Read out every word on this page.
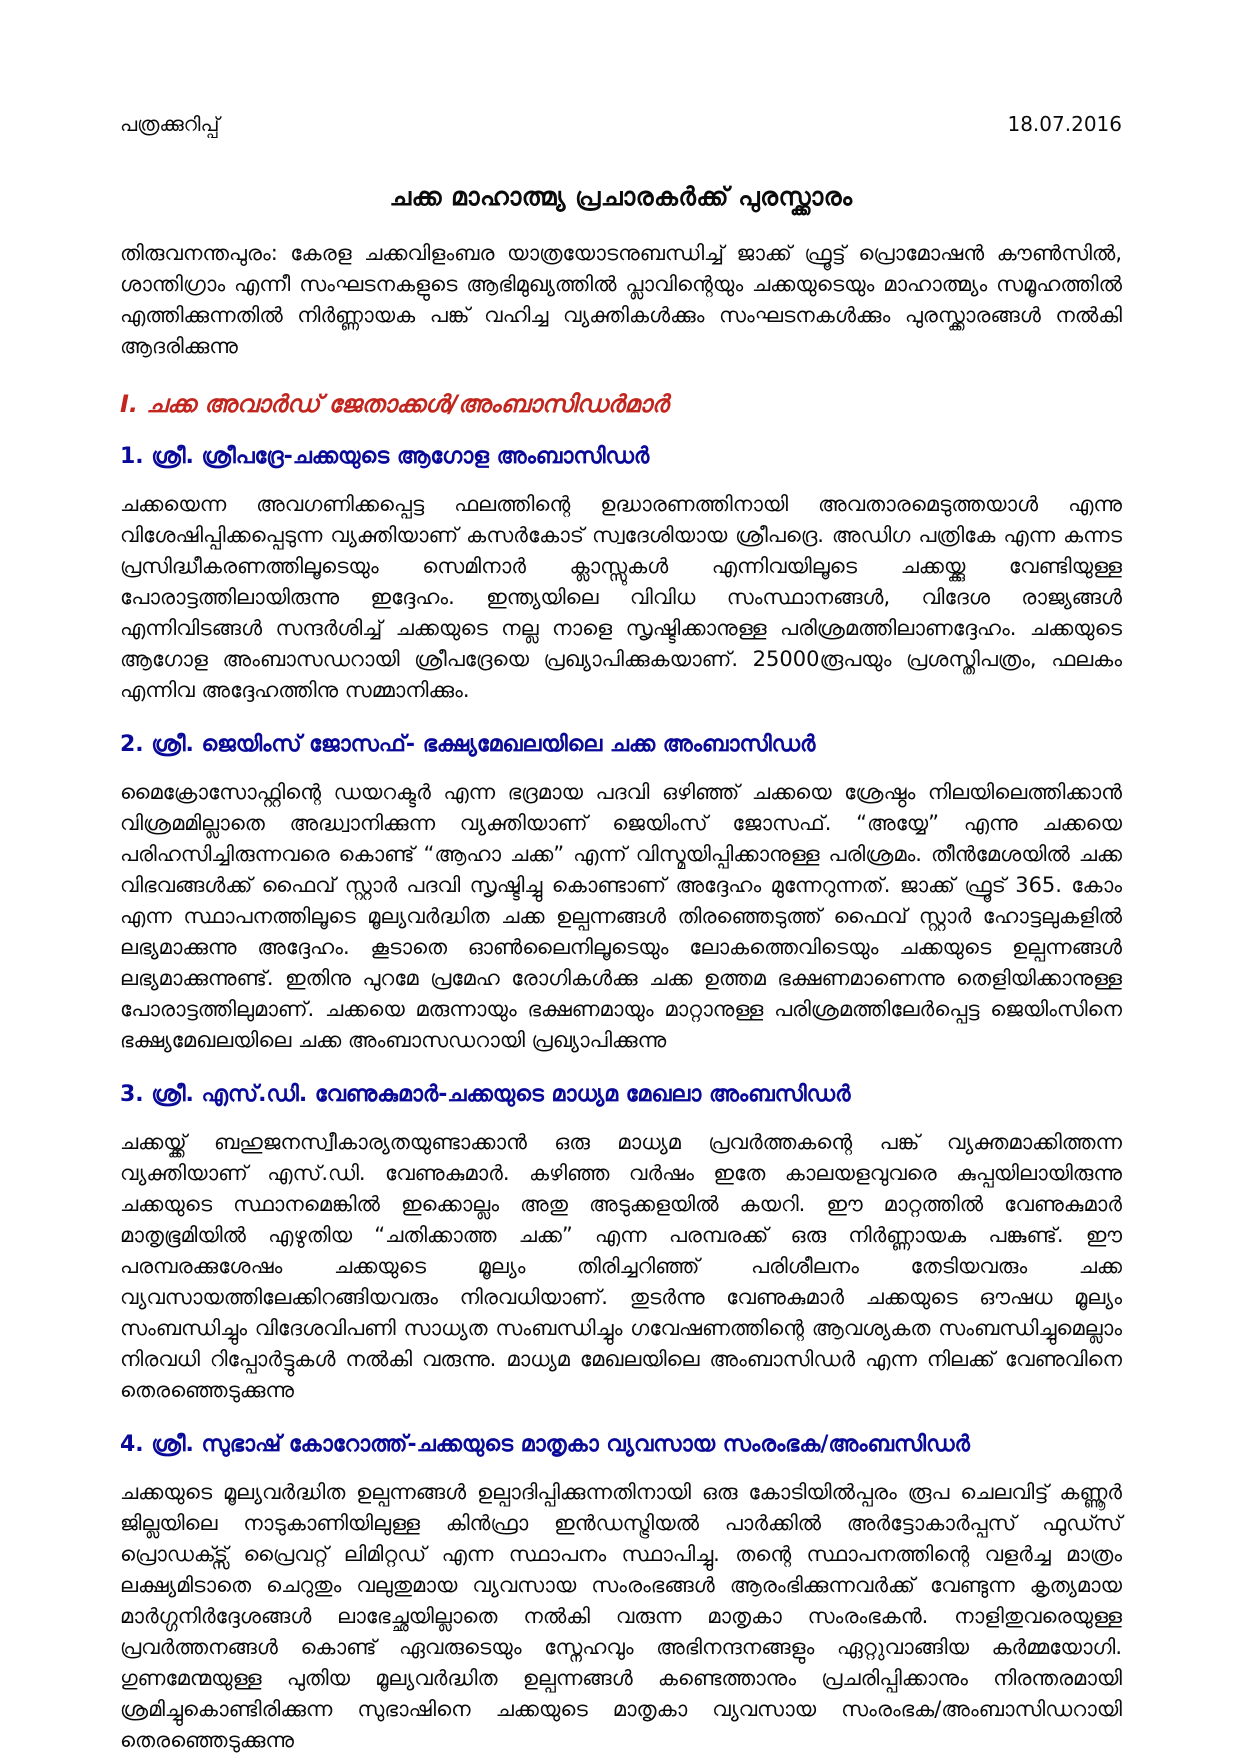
പത്രക്കുറിപ്പ്	18.07.2016
ചക്ക മാഹാത്മ്യ പ്രചാരകർക്ക് പുരസ്ക്കാരം

തിരുവനന്തപുരം: കേരള ചക്കവിളംബര യാത്രയോടനുബന്ധിച്ച് ജാക്ക് ഫ്രൂട്ട് പ്രൊമോഷൻ കൗൺസിൽ, ശാന്തിഗ്രാം എന്നീ സംഘടനകളുടെ ആഭിമുഖ്യത്തിൽ പ്ലാവിന്റെയും ചക്കയുടെയും മാഹാത്മ്യം സമൂഹത്തിൽ എത്തിക്കുന്നതിൽ നിർണ്ണായക പങ്ക് വഹിച്ച വ്യക്തികൾക്കും സംഘടനകൾക്കും പുരസ്ക്കാരങ്ങൾ നൽകി ആദരിക്കുന്നു

I. ചക്ക അവാർഡ് ജേതാക്കൾ/അംബാസിഡർമാർ
1. ശ്രീ. ശ്രീപദ്രേ-ചക്കയുടെ ആഗോള അംബാസിഡർ

ചക്കയെന്ന അവഗണിക്കപ്പെട്ട ഫലത്തിന്റെ ഉദ്ധാരണത്തിനായി അവതാരമെടുത്തയാൾ എന്നു വിശേഷിപ്പിക്കപ്പെടുന്ന വ്യക്തിയാണ് കസർകോട് സ്വദേശിയായ ശ്രീപദ്രെ. അഡിഗ പത്രികേ എന്ന കന്നട പ്രസിദ്ധീകരണത്തിലൂടെയും സെമിനാർ ക്ലാസ്സുകൾ എന്നിവയിലൂടെ ചക്കയ്ക്കു വേണ്ടിയുള്ള പോരാട്ടത്തിലായിരുന്നു ഇദ്ദേഹം. ഇന്ത്യയിലെ വിവിധ സംസ്ഥാനങ്ങൾ, വിദേശ രാജ്യങ്ങൾ എന്നിവിടങ്ങൾ സന്ദർശിച്ച് ചക്കയുടെ നല്ല നാളെ സൃഷ്ടിക്കാനുള്ള പരിശ്രമത്തിലാണദ്ദേഹം. ചക്കയുടെ ആഗോള അംബാസഡറായി ശ്രീപദ്രേയെ പ്രഖ്യാപിക്കുകയാണ്. 25000രൂപയും പ്രശസ്തിപത്രം, ഫലകം എന്നിവ അദ്ദേഹത്തിനു സമ്മാനിക്കും.

2. ശ്രീ. ജെയിംസ് ജോസഫ്- ഭക്ഷ്യമേഖലയിലെ ചക്ക അംബാസിഡർ

മൈക്രോസോഫ്റ്റിന്റെ ഡയറക്ടർ എന്ന ഭദ്രമായ പദവി ഒഴിഞ്ഞ് ചക്കയെ ശ്രേഷ്ഠം നിലയിലെത്തിക്കാൻ വിശ്രമമില്ലാതെ അദ്ധ്വാനിക്കുന്ന വ്യക്തിയാണ് ജെയിംസ് ജോസഫ്. “അയ്യേ” എന്നു ചക്കയെ പരിഹസിച്ചിരുന്നവരെ കൊണ്ട് “ആഹാ ചക്ക” എന്ന് വിസ്മയിപ്പിക്കാനുള്ള പരിശ്രമം. തീൻമേശയിൽ ചക്ക വിഭവങ്ങൾക്ക് ഫൈവ് സ്റ്റാർ പദവി സൃഷ്ടിച്ചു കൊണ്ടാണ് അദ്ദേഹം മുന്നേറുന്നത്. ജാക്ക് ഫ്രൂട് 365. കോം എന്ന സ്ഥാപനത്തിലൂടെ മൂല്യവർദ്ധിത ചക്ക ഉല്പന്നങ്ങൾ തിരഞ്ഞെടുത്ത് ഫൈവ് സ്റ്റാർ ഹോട്ടലുകളിൽ ലഭ്യമാക്കുന്നു അദ്ദേഹം. കൂടാതെ ഓൺലൈനിലൂടെയും ലോകത്തെവിടെയും ചക്കയുടെ ഉല്പന്നങ്ങൾ ലഭ്യമാക്കുന്നുണ്ട്. ഇതിനു പുറമേ പ്രമേഹ രോഗികൾക്കു ചക്ക ഉത്തമ ഭക്ഷണമാണെന്നു തെളിയിക്കാനുള്ള പോരാട്ടത്തിലുമാണ്. ചക്കയെ മരുന്നായും ഭക്ഷണമായും മാറ്റാനുള്ള പരിശ്രമത്തിലേർപ്പെട്ട ജെയിംസിനെ ഭക്ഷ്യമേഖലയിലെ ചക്ക അംബാസഡറായി പ്രഖ്യാപിക്കുന്നു

3. ശ്രീ. എസ്.ഡി. വേണുകുമാർ-ചക്കയുടെ മാധ്യമ മേഖലാ അംബസിഡർ

ചക്കയ്ക്ക് ബഹുജനസ്വീകാര്യതയുണ്ടാക്കാൻ ഒരു മാധ്യമ പ്രവർത്തകന്റെ പങ്ക് വ്യക്തമാക്കിത്തന്ന വ്യക്തിയാണ് എസ്.ഡി. വേണുകുമാർ. കഴിഞ്ഞ വർഷം ഇതേ കാലയളവുവരെ കുപ്പയിലായിരുന്നു ചക്കയുടെ സ്ഥാനമെങ്കിൽ ഇക്കൊല്ലം അതു അടുക്കളയിൽ കയറി. ഈ മാറ്റത്തിൽ വേണുകുമാർ മാതൃഭൂമിയിൽ എഴുതിയ “ചതിക്കാത്ത ചക്ക” എന്ന പരമ്പരക്ക് ഒരു നിർണ്ണായക പങ്കുണ്ട്. ഈ പരമ്പരക്കുശേഷം ചക്കയുടെ മൂല്യം തിരിച്ചറിഞ്ഞ് പരിശീലനം തേടിയവരും ചക്ക വ്യവസായത്തിലേക്കിറങ്ങിയവരും നിരവധിയാണ്. തുടർന്നു വേണുകുമാർ ചക്കയുടെ ഔഷധ മൂല്യം സംബന്ധിച്ചും വിദേശവിപണി സാധ്യത സംബന്ധിച്ചും ഗവേഷണത്തിന്റെ ആവശ്യകത സംബന്ധിച്ചുമെല്ലാം നിരവധി റിപ്പോർട്ടുകൾ നൽകി വരുന്നു. മാധ്യമ മേഖലയിലെ അംബാസിഡർ എന്ന നിലക്ക് വേണുവിനെ തെരഞ്ഞെടുക്കുന്നു

4. ശ്രീ. സുഭാഷ് കോറോത്ത്-ചക്കയുടെ മാതൃകാ വ്യവസായ സംരംഭക/അംബസിഡർ

ചക്കയുടെ മൂല്യവർദ്ധിത ഉല്പന്നങ്ങൾ ഉല്പാദിപ്പിക്കുന്നതിനായി ഒരു കോടിയിൽപ്പരം രൂപ ചെലവിട്ട് കണ്ണൂർ ജില്ലയിലെ നാടുകാണിയിലുള്ള കിൻഫ്രാ ഇൻഡസ്ട്രിയൽ പാർക്കിൽ അർട്ടോകാർപ്പസ് ഫുഡ്സ് പ്രൊഡക്ട്സ് പ്രൈവറ്റ് ലിമിറ്റഡ് എന്ന സ്ഥാപനം സ്ഥാപിച്ചു. തന്റെ സ്ഥാപനത്തിന്റെ വളർച്ച മാത്രം ലക്ഷ്യമിടാതെ ചെറുതും വലുതുമായ വ്യവസായ സംരംഭങ്ങൾ ആരംഭിക്കുന്നവർക്ക് വേണ്ടുന്ന കൃത്യമായ മാർഗ്ഗനിർദ്ദേശങ്ങൾ ലാഭേച്ഛയില്ലാതെ നൽകി വരുന്ന മാതൃകാ സംരംഭകൻ. നാളിതുവരെയുള്ള പ്രവർത്തനങ്ങൾ കൊണ്ട് ഏവരുടെയും സ്നേഹവും അഭിനന്ദനങ്ങളും ഏറ്റുവാങ്ങിയ കർമ്മയോഗി. ഗുണമേന്മയുള്ള പുതിയ മൂല്യവർദ്ധിത ഉല്പന്നങ്ങൾ കണ്ടെത്താനും പ്രചരിപ്പിക്കാനും നിരന്തരമായി ശ്രമിച്ചുകൊണ്ടിരിക്കുന്ന സുഭാഷിനെ ചക്കയുടെ മാതൃകാ വ്യവസായ സംരംഭക/അംബാസിഡറായി തെരഞ്ഞെടുക്കുന്നു
